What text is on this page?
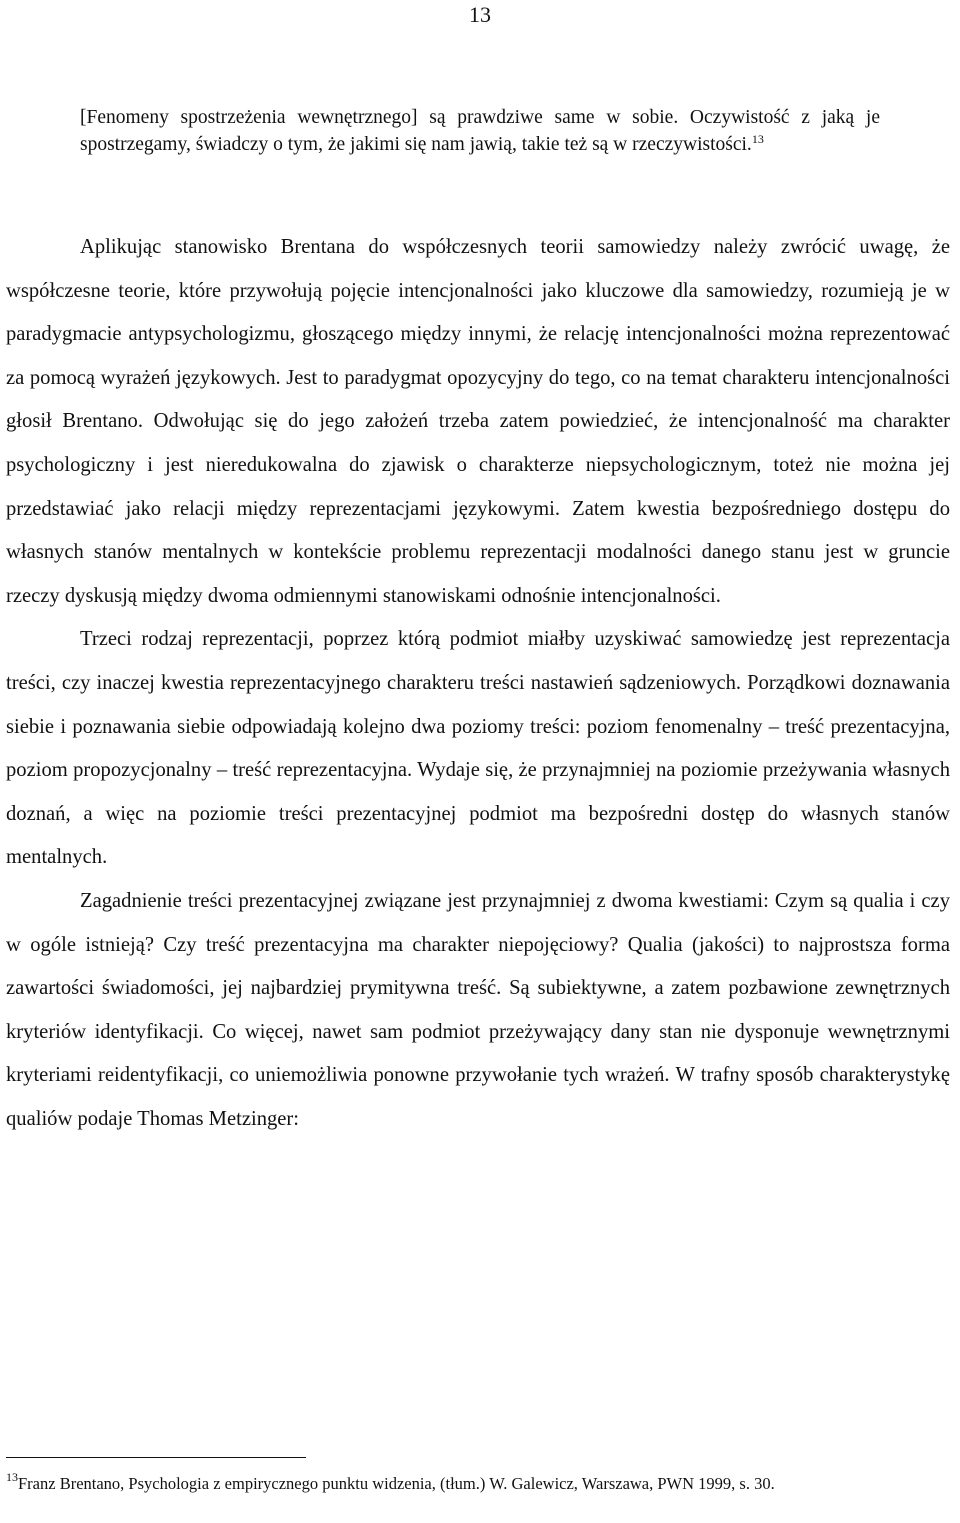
13
[Fenomeny spostrzeżenia wewnętrznego] są prawdziwe same w sobie. Oczywistość z jaką je spostrzegamy, świadczy o tym, że jakimi się nam jawią, takie też są w rzeczywistości.$^{13}$

Aplikując stanowisko Brentana do współczesnych teorii samowiedzy należy zwrócić uwagę, że współczesne teorie, które przywołują pojęcie intencjonalności jako kluczowe dla samowiedzy, rozumieją je w paradygmacie antypsychologizmu, głoszącego między innymi, że relację intencjonalności można reprezentować za pomocą wyrażeń językowych. Jest to paradygmat opozycyjny do tego, co na temat charakteru intencjonalności głosił Brentano. Odwołując się do jego założeń trzeba zatem powiedzieć, że intencjonalność ma charakter psychologiczny i jest nieredukowalna do zjawisk o charakterze niepsychologicznym, toteż nie można jej przedstawiać jako relacji między reprezentacjami językowymi. Zatem kwestia bezpośredniego dostępu do własnych stanów mentalnych w kontekście problemu reprezentacji modalności danego stanu jest w gruncie rzeczy dyskusją między dwoma odmiennymi stanowiskami odnośnie intencjonalności.

Trzeci rodzaj reprezentacji, poprzez którą podmiot miałby uzyskiwać samowiedzę jest reprezentacja treści, czy inaczej kwestia reprezentacyjnego charakteru treści nastawień sądzeniowych. Porządkowi doznawania siebie i poznawania siebie odpowiadają kolejno dwa poziomy treści: poziom fenomenalny – treść prezentacyjna, poziom propozycjonalny – treść reprezentacyjna. Wydaje się, że przynajmniej na poziomie przeżywania własnych doznań, a więc na poziomie treści prezentacyjnej podmiot ma bezpośredni dostęp do własnych stanów mentalnych.

Zagadnienie treści prezentacyjnej związane jest przynajmniej z dwoma kwestiami: Czym są qualia i czy w ogóle istnieją? Czy treść prezentacyjna ma charakter niepojęciowy? Qualia (jakości) to najprostsza forma zawartości świadomości, jej najbardziej prymitywna treść. Są subiektywne, a zatem pozbawione zewnętrznych kryteriów identyfikacji. Co więcej, nawet sam podmiot przeżywający dany stan nie dysponuje wewnętrznymi kryteriami reidentyfikacji, co uniemożliwia ponowne przywołanie tych wrażeń. W trafny sposób charakterystykę qualiów podaje Thomas Metzinger:

$^{13}$Franz Brentano, Psychologia z empirycznego punktu widzenia, (tłum.) W. Galewicz, Warszawa, PWN 1999, s. 30.
